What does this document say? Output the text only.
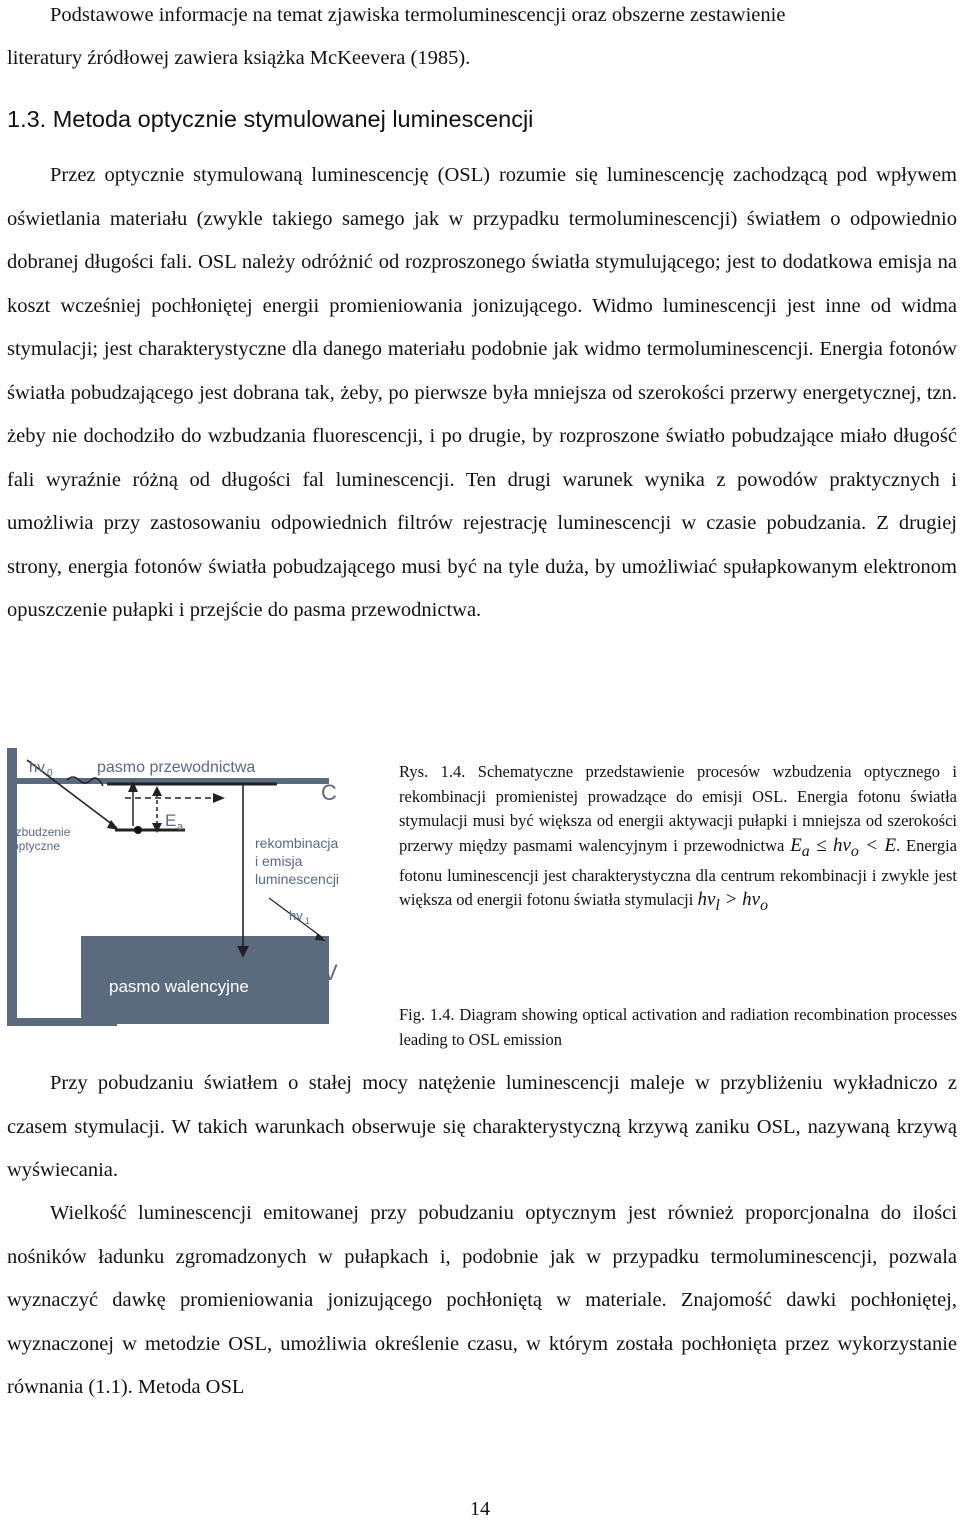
Podstawowe informacje na temat zjawiska termoluminescencji oraz obszerne zestawienie
literatury źródłowej zawiera książka McKeevera (1985).
1.3. Metoda optycznie stymulowanej luminescencji

Przez optycznie stymulowaną luminescencję (OSL) rozumie się luminescencję zachodzącą pod wpływem oświetlania materiału (zwykle takiego samego jak w przypadku termoluminescencji) światłem o odpowiednio dobranej długości fali. OSL należy odróżnić od rozproszonego światła stymulującego; jest to dodatkowa emisja na koszt wcześniej pochłoniętej energii promieniowania jonizującego. Widmo luminescencji jest inne od widma stymulacji; jest charakterystyczne dla danego materiału podobnie jak widmo termoluminescencji. Energia fotonów światła pobudzającego jest dobrana tak, żeby, po pierwsze była mniejsza od szerokości przerwy energetycznej, tzn. żeby nie dochodziło do wzbudzania fluorescencji, i po drugie, by rozproszone światło pobudzające miało długość fali wyraźnie różną od długości fal luminescencji. Ten drugi warunek wynika z powodów praktycznych i umożliwia przy zastosowaniu odpowiednich filtrów rejestrację luminescencji w czasie pobudzania. Z drugiej strony, energia fotonów światła pobudzającego musi być na tyle duża, by umożliwiać spułapkowanym elektronom opuszczenie pułapki i przejście do pasma przewodnictwa.

hv 0	pasmo przewodnictwa
C
wzbudzenie
optyczne
E a
rekombinacja
i emisja
luminescencji
hv 1
V
pasmo walencyjne

Rys. 1.4. Schematyczne przedstawienie procesów wzbudzenia optycznego i rekombinacji promienistej prowadzące do emisji OSL. Energia fotonu światła stymulacji musi być większa od energii aktywacji pułapki i mniejsza od szerokości przerwy między pasmami walencyjnym i przewodnictwa $E_a \le h\nu_o < E$. Energia fotonu luminescencji jest charakterystyczna dla centrum rekombinacji i zwykle jest większa od energii fotonu światła stymulacji $h\nu_l > h\nu_o$

Fig. 1.4. Diagram showing optical activation and radiation recombination processes leading to OSL emission

Przy pobudzaniu światłem o stałej mocy natężenie luminescencji maleje w przybliżeniu wykładniczo z czasem stymulacji. W takich warunkach obserwuje się charakterystyczną krzywą zaniku OSL, nazywaną krzywą wyświecania.

Wielkość luminescencji emitowanej przy pobudzaniu optycznym jest również proporcjonalna do ilości nośników ładunku zgromadzonych w pułapkach i, podobnie jak w przypadku termoluminescencji, pozwala wyznaczyć dawkę promieniowania jonizującego pochłoniętą w materiale. Znajomość dawki pochłoniętej, wyznaczonej w metodzie OSL, umożliwia określenie czasu, w którym została pochłonięta przez wykorzystanie równania (1.1). Metoda OSL

14
